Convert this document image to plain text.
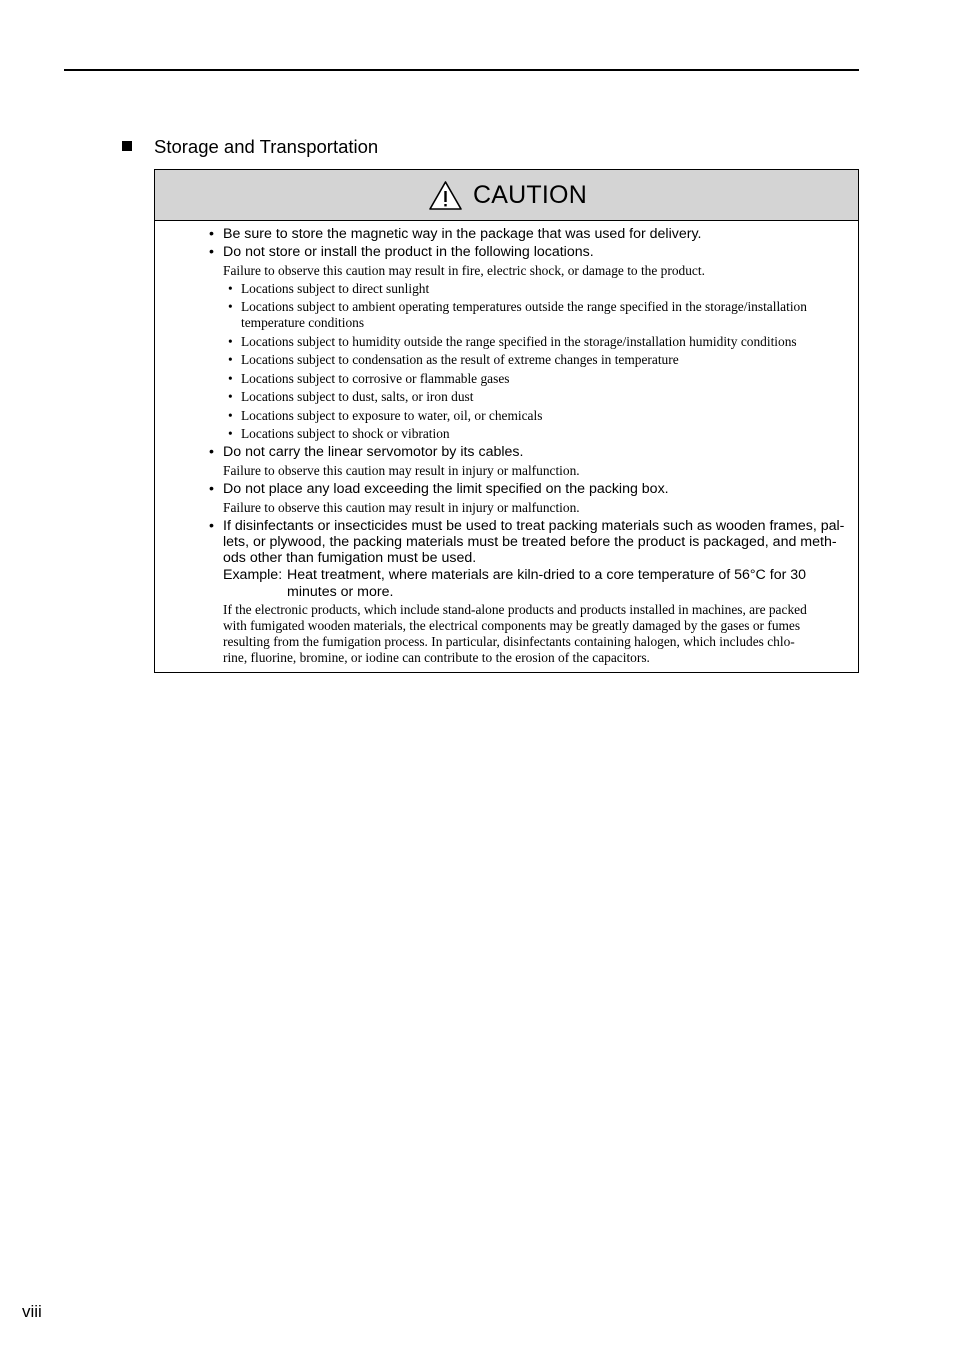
Storage and Transportation
CAUTION
• Be sure to store the magnetic way in the package that was used for delivery.
• Do not store or install the product in the following locations.
Failure to observe this caution may result in fire, electric shock, or damage to the product.
• Locations subject to direct sunlight
• Locations subject to ambient operating temperatures outside the range specified in the storage/installation
temperature conditions
• Locations subject to humidity outside the range specified in the storage/installation humidity conditions
• Locations subject to condensation as the result of extreme changes in temperature
• Locations subject to corrosive or flammable gases
• Locations subject to dust, salts, or iron dust
• Locations subject to exposure to water, oil, or chemicals
• Locations subject to shock or vibration
• Do not carry the linear servomotor by its cables.
Failure to observe this caution may result in injury or malfunction.
• Do not place any load exceeding the limit specified on the packing box.
Failure to observe this caution may result in injury or malfunction.
• If disinfectants or insecticides must be used to treat packing materials such as wooden frames, pal-
lets, or plywood, the packing materials must be treated before the product is packaged, and meth-
ods other than fumigation must be used.
Example: Heat treatment, where materials are kiln-dried to a core temperature of 56°C for 30
minutes or more.
If the electronic products, which include stand-alone products and products installed in machines, are packed
with fumigated wooden materials, the electrical components may be greatly damaged by the gases or fumes
resulting from the fumigation process. In particular, disinfectants containing halogen, which includes chlo-
rine, fluorine, bromine, or iodine can contribute to the erosion of the capacitors.
viii
